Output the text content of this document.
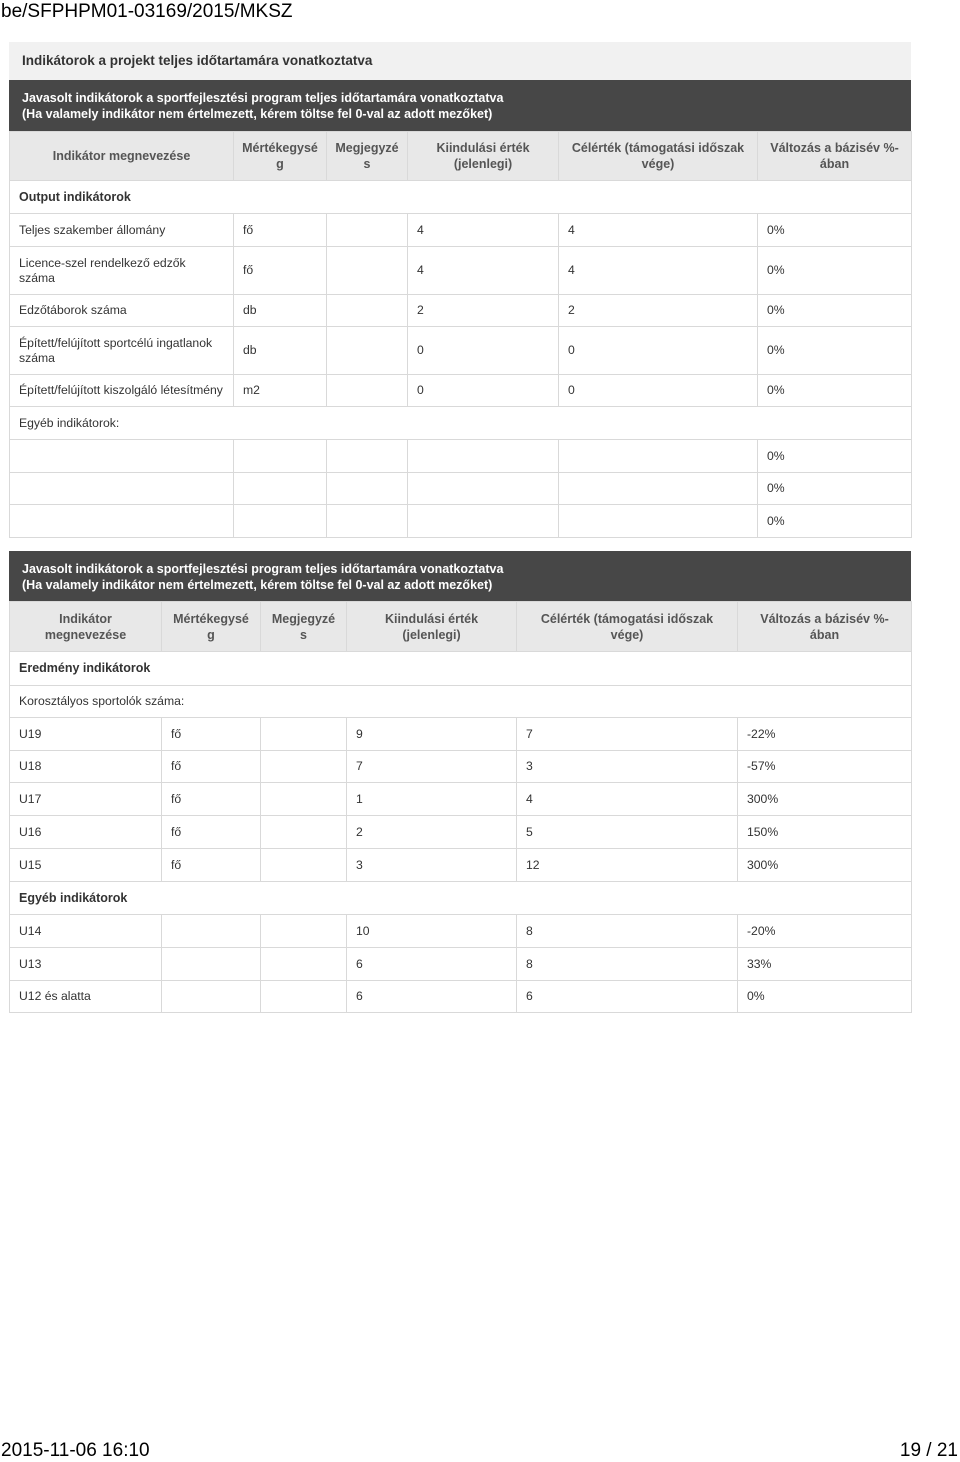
be/SFPHPM01-03169/2015/MKSZ
Indikátorok a projekt teljes időtartamára vonatkoztatva
Javasolt indikátorok a sportfejlesztési program teljes időtartamára vonatkoztatva
(Ha valamely indikátor nem értelmezett, kérem töltse fel 0-val az adott mezőket)
Indikátor megnevezése	Mértékegység	Megjegyzés	Kiindulási érték (jelenlegi)	Célérték (támogatási időszak vége)	Változás a bázisév %-ában
Output indikátorok					
Teljes szakember állomány	fő		4	4	0%
Licence-szel rendelkező edzők száma	fő		4	4	0%
Edzőtáborok száma	db		2	2	0%
Épített/felújított sportcélú ingatlanok száma	db		0	0	0%
Épített/felújított kiszolgáló létesítmény	m2		0	0	0%
Egyéb indikátorok:					
					0%
					0%
					0%
Javasolt indikátorok a sportfejlesztési program teljes időtartamára vonatkoztatva
(Ha valamely indikátor nem értelmezett, kérem töltse fel 0-val az adott mezőket)
Indikátor megnevezése	Mértékegység	Megjegyzés	Kiindulási érték (jelenlegi)	Célérték (támogatási időszak vége)	Változás a bázisév %-ában
Eredmény indikátorok					
Korosztályos sportolók száma:					
U19	fő		9	7	-22%
U18	fő		7	3	-57%
U17	fő		1	4	300%
U16	fő		2	5	150%
U15	fő		3	12	300%
Egyéb indikátorok					
U14			10	8	-20%
U13			6	8	33%
U12 és alatta			6	6	0%
2015-11-06 16:10	19 / 21
